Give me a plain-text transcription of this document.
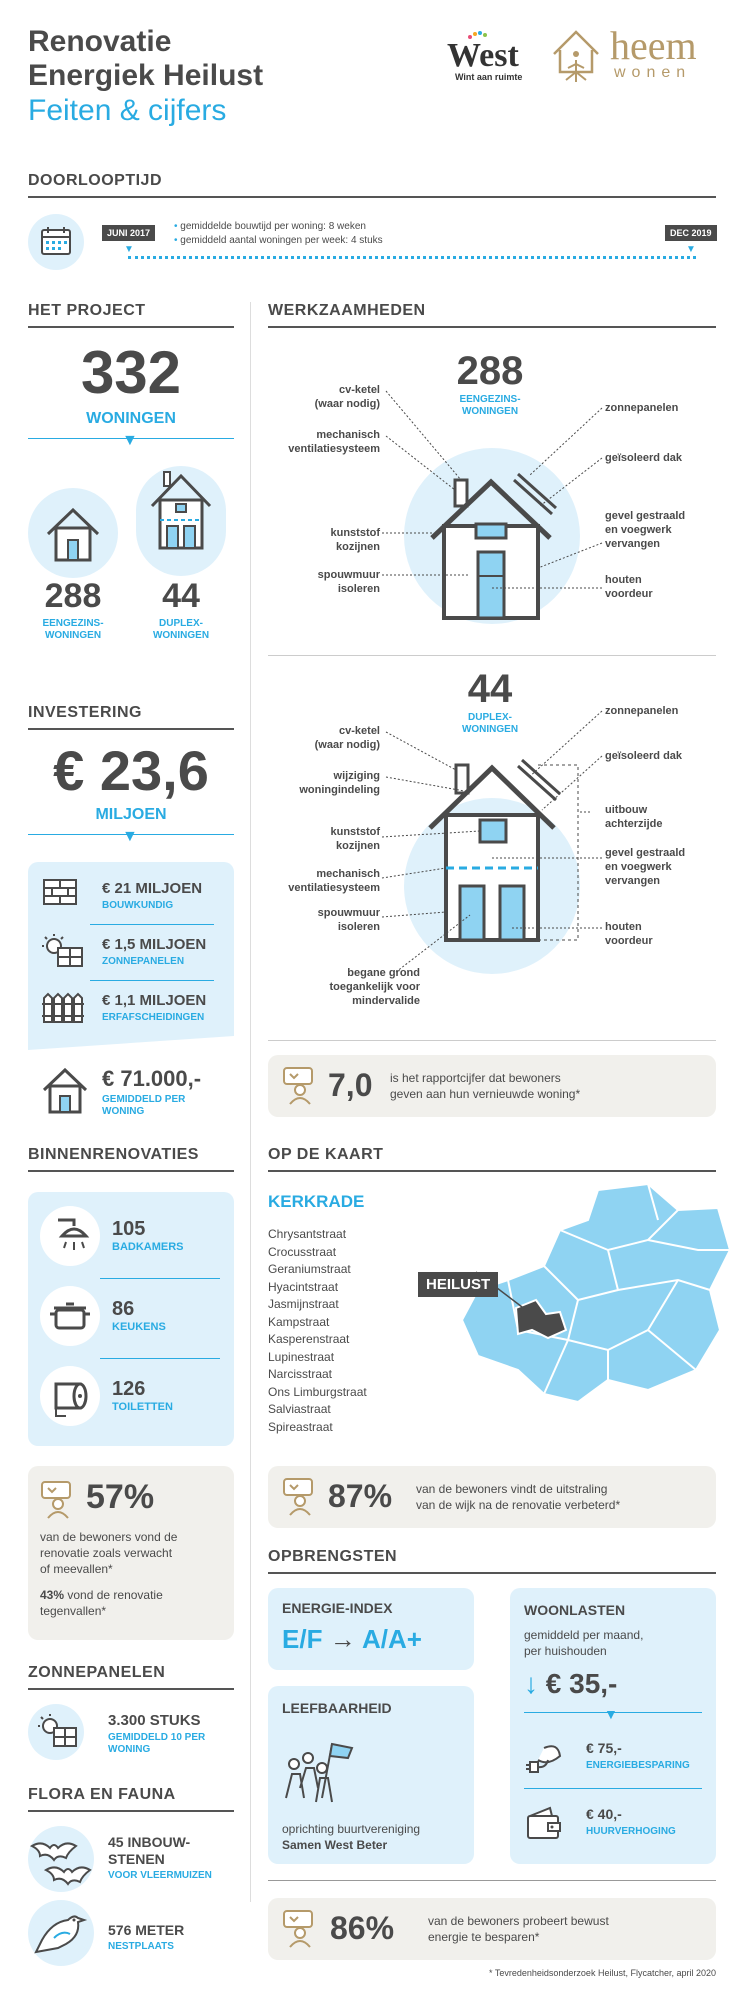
Renovatie
Energiek Heilust
Feiten & cijfers
West
Wint aan ruimte
heem
wonen
DOORLOOPTIJD
JUNI 2017	DEC 2019
• gemiddelde bouwtijd per woning: 8 weken
• gemiddeld aantal woningen per week: 4 stuks
▼	▼
HET PROJECT
332
WONINGEN
▼
288
EENGEZINS-
WONINGEN
44
DUPLEX-
WONINGEN
WERKZAAMHEDEN
288
EENGEZINS-
WONINGEN
cv-ketel
(waar nodig)
mechanisch
ventilatiesysteem
kunststof
kozijnen
spouwmuur
isoleren
zonnepanelen
geïsoleerd dak
gevel gestraald
en voegwerk
vervangen
houten
voordeur
44
DUPLEX-
WONINGEN
cv-ketel
(waar nodig)
wijziging
woningindeling
kunststof
kozijnen
mechanisch
ventilatiesysteem
spouwmuur
isoleren
begane grond
toegankelijk voor
mindervalide
zonnepanelen
geïsoleerd dak
uitbouw
achterzijde
gevel gestraald
en voegwerk
vervangen
houten
voordeur
INVESTERING
€ 23,6
MILJOEN
▼
€ 21 MILJOEN
BOUWKUNDIG
€ 1,5 MILJOEN
ZONNEPANELEN
€ 1,1 MILJOEN
ERFAFSCHEIDINGEN
€ 71.000,-
GEMIDDELD PER
WONING
7,0 is het rapportcijfer dat bewoners
geven aan hun vernieuwde woning*
BINNENRENOVATIES
105
BADKAMERS
86
KEUKENS
126
TOILETTEN
OP DE KAART
KERKRADE
Chrysantstraat
Crocusstraat
Geraniumstraat
Hyacintstraat
Jasmijnstraat
Kampstraat
Kasperenstraat
Lupinestraat
Narcisstraat
Ons Limburgstraat
Salviastraat
Spireastraat
HEILUST
57%
van de bewoners vond de
renovatie zoals verwacht
of meevallen*
43% vond de renovatie
tegenvallen*
87% van de bewoners vindt de uitstraling
van de wijk na de renovatie verbeterd*
OPBRENGSTEN
ENERGIE-INDEX
E/F → A/A+
LEEFBAARHEID
oprichting buurtvereniging
Samen West Beter
WOONLASTEN
gemiddeld per maand,
per huishouden
↓ € 35,-
▼
€ 75,-
ENERGIEBESPARING
€ 40,-
HUURVERHOGING
ZONNEPANELEN
3.300 STUKS
GEMIDDELD 10 PER
WONING
FLORA EN FAUNA
45 INBOUW-
STENEN
VOOR VLEERMUIZEN
576 METER
NESTPLAATS
86%	van de bewoners probeert bewust
energie te besparen*
* Tevredenheidsonderzoek Heilust, Flycatcher, april 2020
